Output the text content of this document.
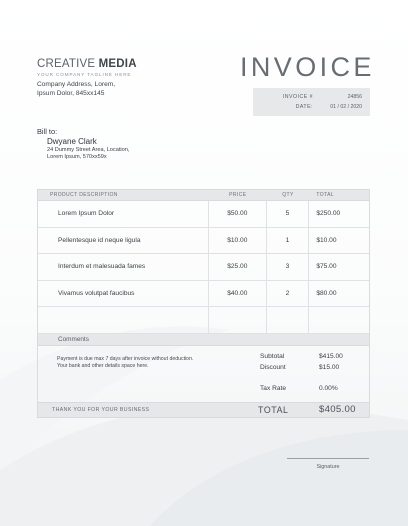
CREATIVE MEDIA
YOUR COMPANY TAGLINE HERE
Company Address, Lorem, Ipsum Dolor, 845xx145
INVOICE
INVOICE #	24856
DATE:	01 / 02 / 2020
Bill to:
Dwyane Clark
24 Dummy Street Area, Location, Lorem Ipsum, 570xx59x
PRODUCT DESCRIPTION	PRICE	QTY	TOTAL
Lorem Ipsum Dolor	$50.00	5	$250.00
Pellentesque id neque ligula	$10.00	1	$10.00
Interdum et malesuada fames	$25.00	3	$75.00
Vivamus volutpat faucibus	$40.00	2	$80.00
Comments
Payment is due max 7 days after invoice without deduction. Your bank and other details space here.
Subtotal	$415.00
Discount	$15.00
Tax Rate	0.00%
THANK YOU FOR YOUR BUSINESS	TOTAL	$405.00
Signature
